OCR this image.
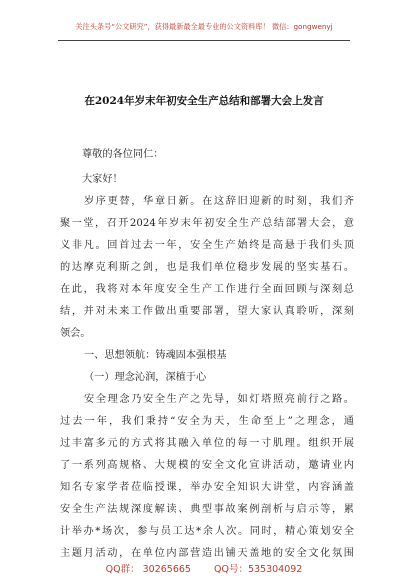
关注头条号“公文研究”，获得最新最全最专业的公文资料库！ 微信：gongwenyj
在2024年岁末年初安全生产总结和部署大会上发言
尊敬的各位同仁：
大家好！
岁序更替，华章日新。在这辞旧迎新的时刻，我们齐
聚一堂，召开2024年岁末年初安全生产总结部署大会，意
义非凡。回首过去一年，安全生产始终是高悬于我们头顶
的达摩克利斯之剑，也是我们单位稳步发展的坚实基石。
在此，我将对本年度安全生产工作进行全面回顾与深刻总
结，并对未来工作做出重要部署，望大家认真聆听，深刻
领会。
一、思想领航：铸魂固本强根基
（一）理念沁润，深植于心
安全理念乃安全生产之先导，如灯塔照亮前行之路。
过去一年，我们秉持“安全为天，生命至上”之理念，通
过丰富多元的方式将其融入单位的每一寸肌理。组织开展
了一系列高规格、大规模的安全文化宣讲活动，邀请业内
知名专家学者莅临授课，举办安全知识大讲堂，内容涵盖
安全生产法规深度解读、典型事故案例剖析与启示等，累
计举办*场次，参与员工达*余人次。同时，精心策划安全
主题月活动，在单位内部营造出铺天盖地的安全文化氛围
QQ群： 30265665 QQ号：535304092
